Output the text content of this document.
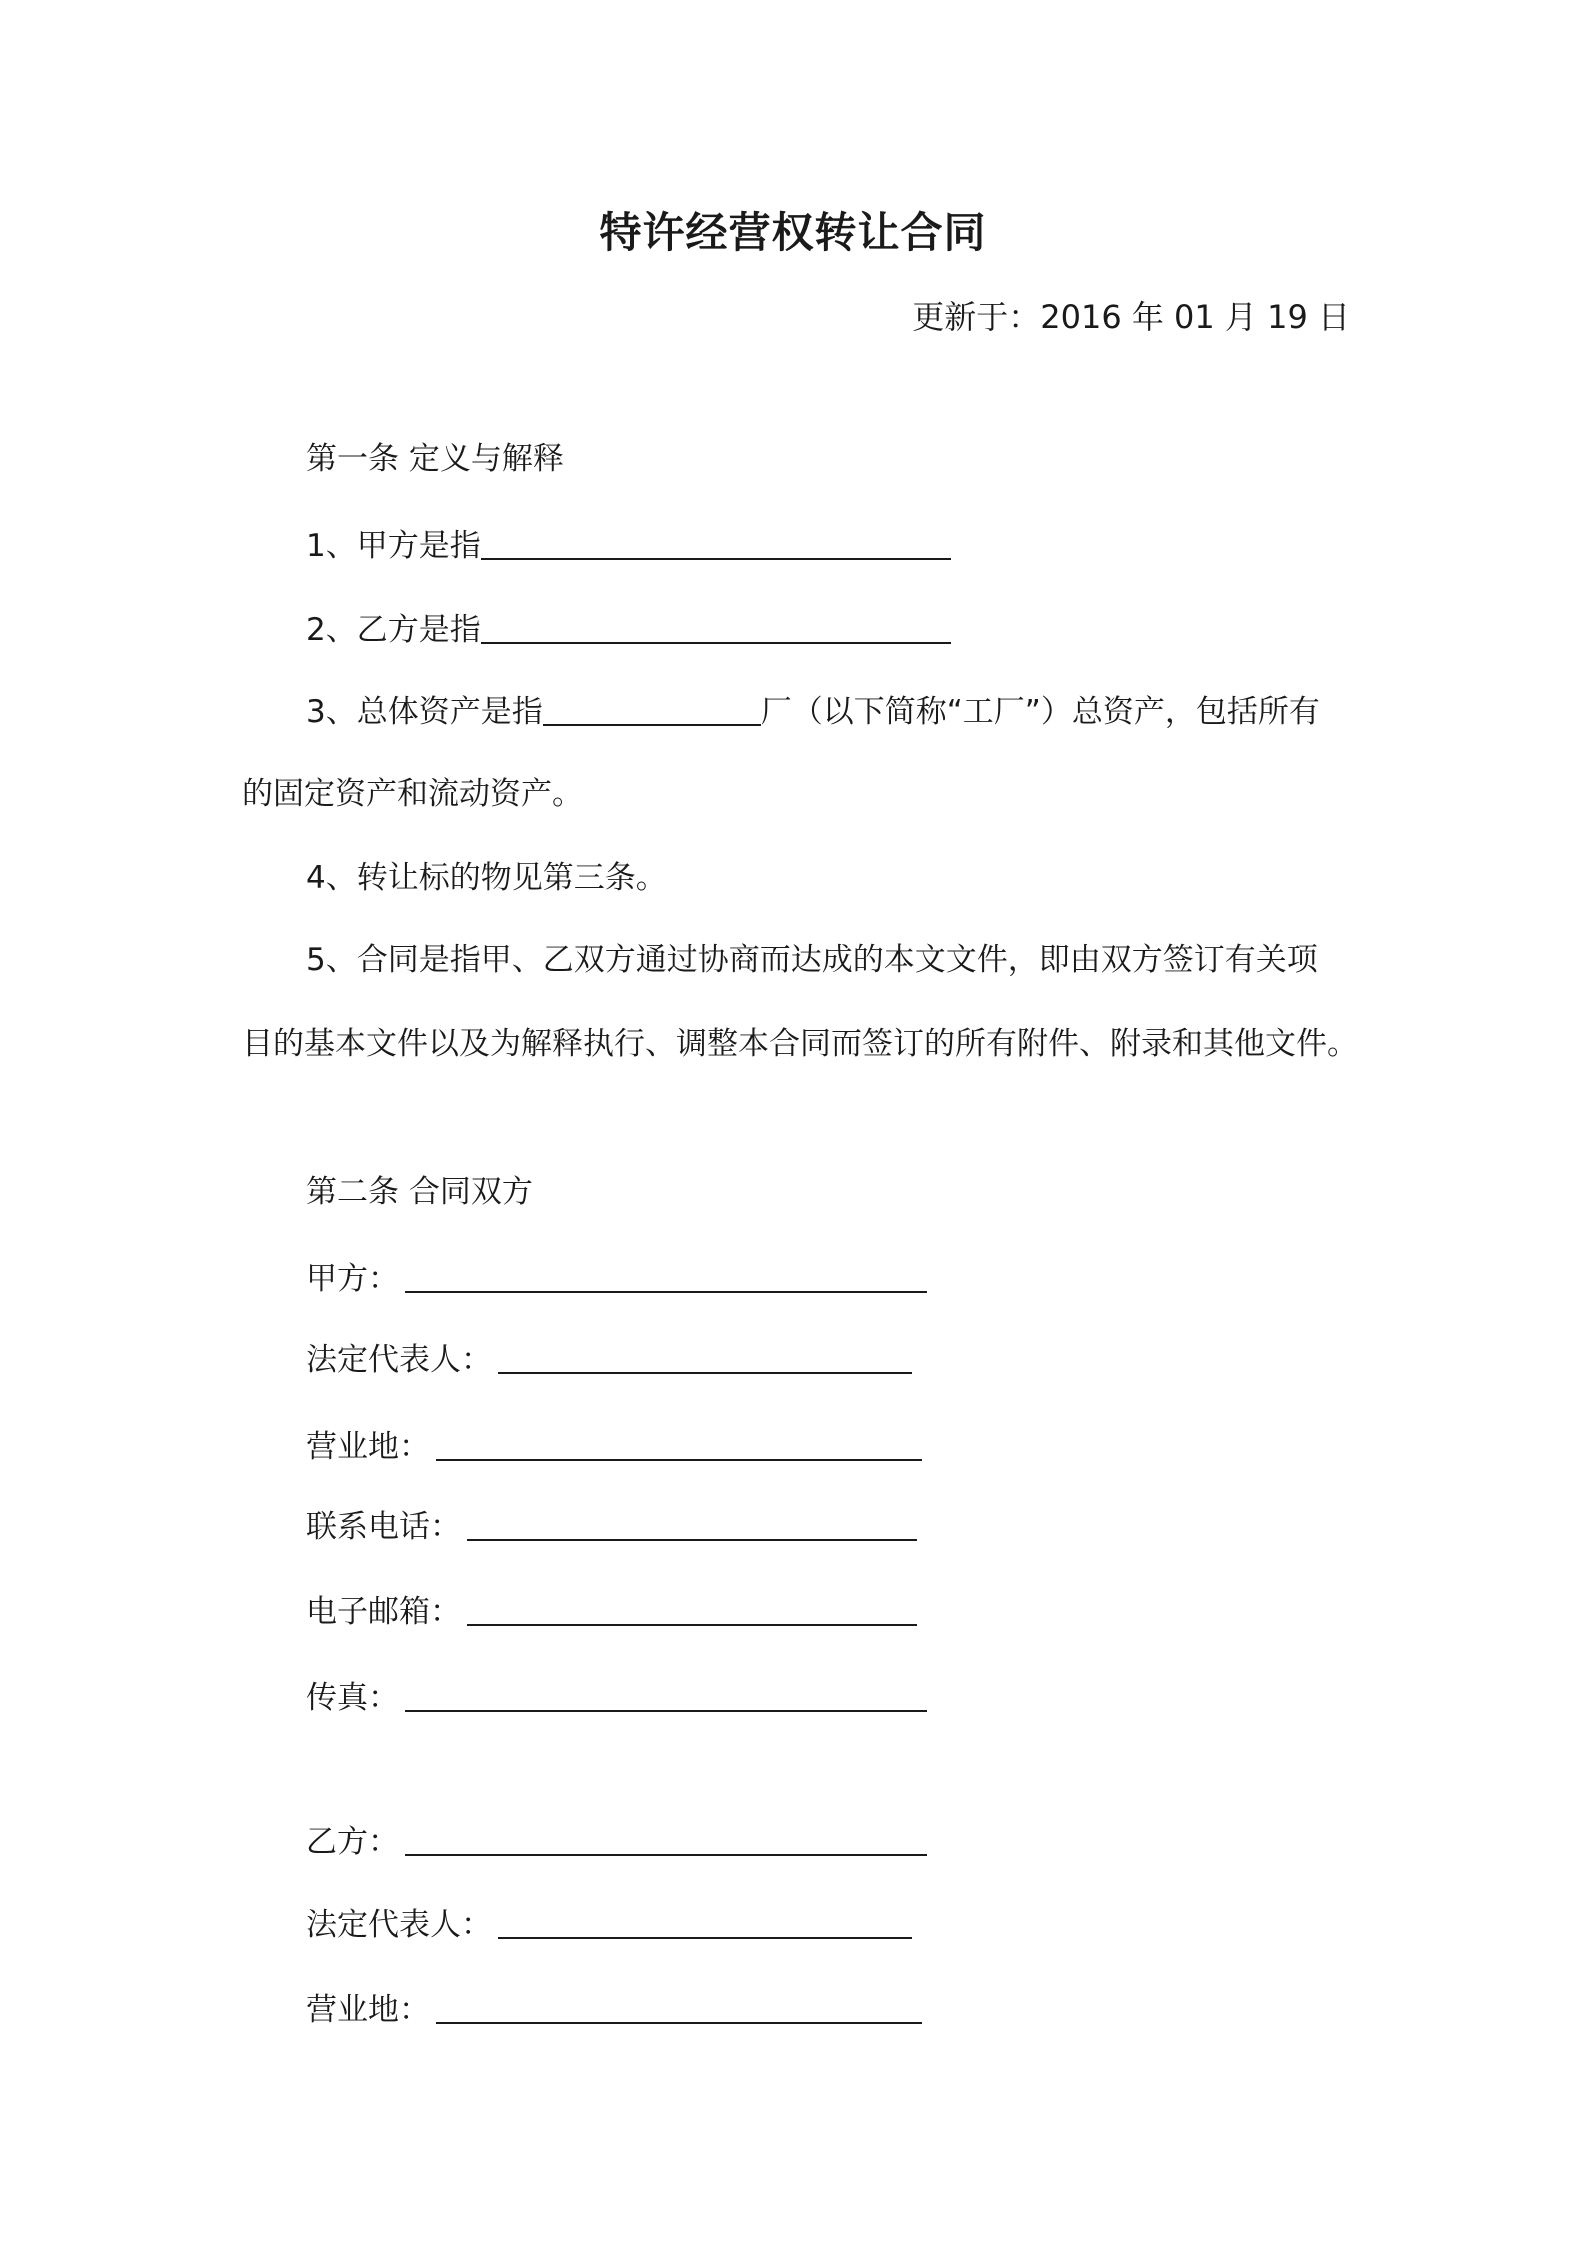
特许经营权转让合同
更新于：2016 年 01 月 19 日
第一条 定义与解释
1、甲方是指
2、乙方是指
3、总体资产是指	厂（以下简称“工厂”）总资产，包括所有
的固定资产和流动资产。
4、转让标的物见第三条。
5、合同是指甲、乙双方通过协商而达成的本文文件，即由双方签订有关项
目的基本文件以及为解释执行、调整本合同而签订的所有附件、附录和其他文件。
第二条 合同双方
甲方：
法定代表人：
营业地：
联系电话：
电子邮箱：
传真：
乙方：
法定代表人：
营业地：
